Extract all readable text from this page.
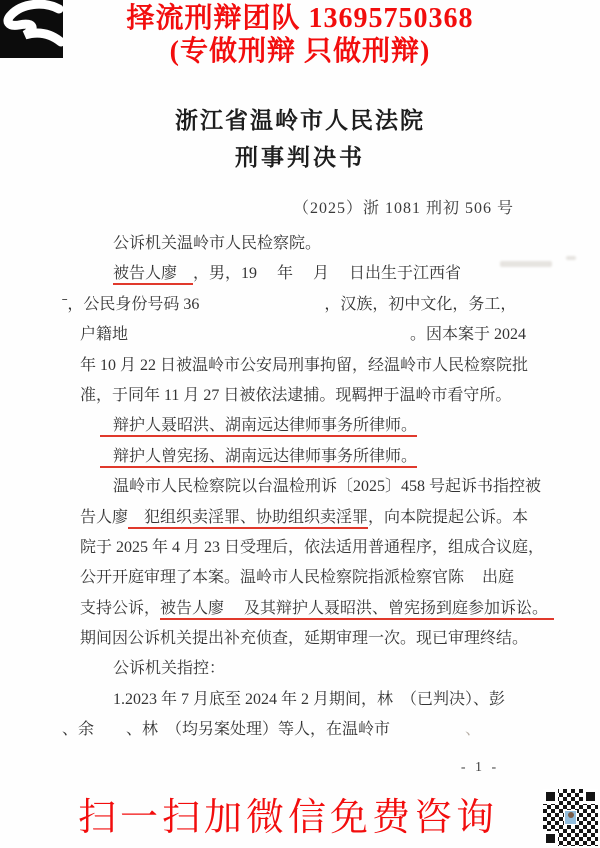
择流刑辩团队 13695750368
(专做刑辩 只做刑辩)
浙江省温岭市人民法院
刑事判决书
（2025）浙 1081 刑初 506 号
公诉机关温岭市人民检察院。
被告人廖　，男，19　 年　 月　 日出生于江西省
ˉ，公民身份号码 36	，汉族，初中文化，务工，
户籍地	。因本案于 2024
年 10 月 22 日被温岭市公安局刑事拘留，经温岭市人民检察院批
准，于同年 11 月 27 日被依法逮捕。现羁押于温岭市看守所。
辩护人聂昭洪、湖南远达律师事务所律师。
辩护人曾宪扬、湖南远达律师事务所律师。
温岭市人民检察院以台温检刑诉〔2025〕458 号起诉书指控被
告人廖　犯组织卖淫罪、协助组织卖淫罪，向本院提起公诉。本
院于 2025 年 4 月 23 日受理后，依法适用普通程序，组成合议庭，
公开开庭审理了本案。温岭市人民检察院指派检察官陈 出庭
支持公诉，被告人廖　 及其辩护人聂昭洪、曾宪扬到庭参加诉讼。
期间因公诉机关提出补充侦查，延期审理一次。现已审理终结。
公诉机关指控：
1.2023 年 7 月底至 2024 年 2 月期间，林　（已判决）、彭
、余　　、林　（均另案处理）等人，在温岭市	、
- 1 -
扫一扫加微信免费咨询
